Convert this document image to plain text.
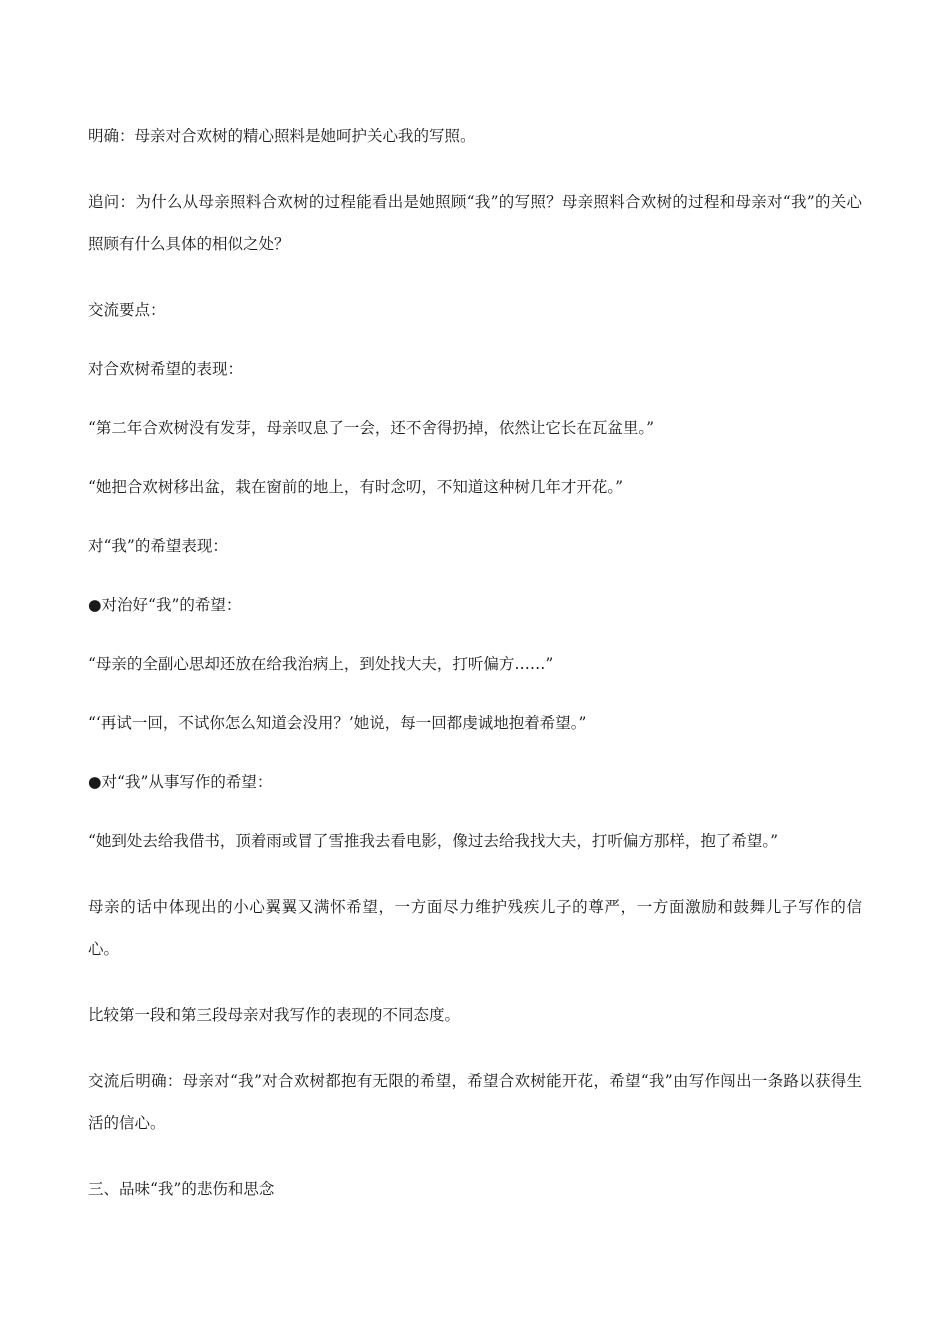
明确：母亲对合欢树的精心照料是她呵护关心我的写照。

追问：为什么从母亲照料合欢树的过程能看出是她照顾“我”的写照？母亲照料合欢树的过程和母亲对“我”的关心照顾有什么具体的相似之处？

交流要点：

对合欢树希望的表现：

“第二年合欢树没有发芽，母亲叹息了一会，还不舍得扔掉，依然让它长在瓦盆里。”

“她把合欢树移出盆，栽在窗前的地上，有时念叨，不知道这种树几年才开花。”

对“我”的希望表现：

●对治好“我”的希望：

“母亲的全副心思却还放在给我治病上，到处找大夫，打听偏方……”

“‘再试一回，不试你怎么知道会没用？’她说，每一回都虔诚地抱着希望。”

●对“我”从事写作的希望：

“她到处去给我借书，顶着雨或冒了雪推我去看电影，像过去给我找大夫，打听偏方那样，抱了希望。”

母亲的话中体现出的小心翼翼又满怀希望，一方面尽力维护残疾儿子的尊严，一方面激励和鼓舞儿子写作的信心。

比较第一段和第三段母亲对我写作的表现的不同态度。

交流后明确：母亲对“我”对合欢树都抱有无限的希望，希望合欢树能开花，希望“我”由写作闯出一条路以获得生活的信心。

三、品味“我”的悲伤和思念
